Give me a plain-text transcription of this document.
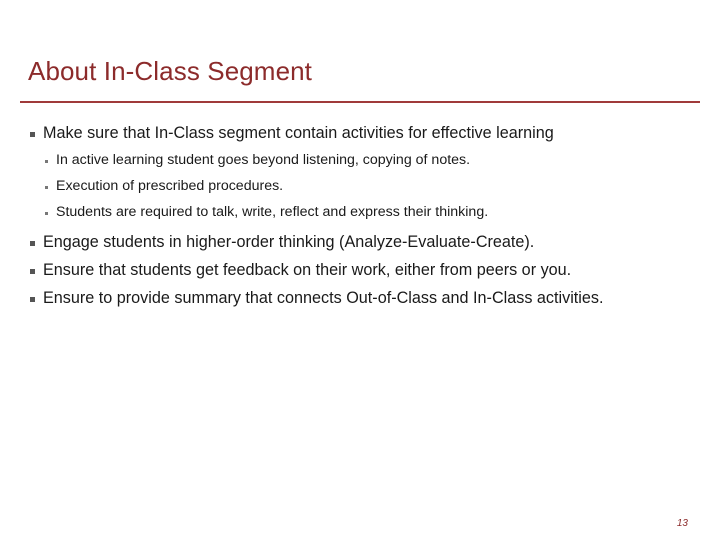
About In-Class Segment
Make sure that In-Class segment contain activities for effective learning
In active learning student goes beyond listening, copying of notes.
Execution of prescribed procedures.
Students are required to talk, write, reflect and express their thinking.
Engage students in higher-order thinking (Analyze-Evaluate-Create).
Ensure that students get feedback on their work, either from peers or you.
Ensure to provide summary that connects Out-of-Class and In-Class activities.
13
